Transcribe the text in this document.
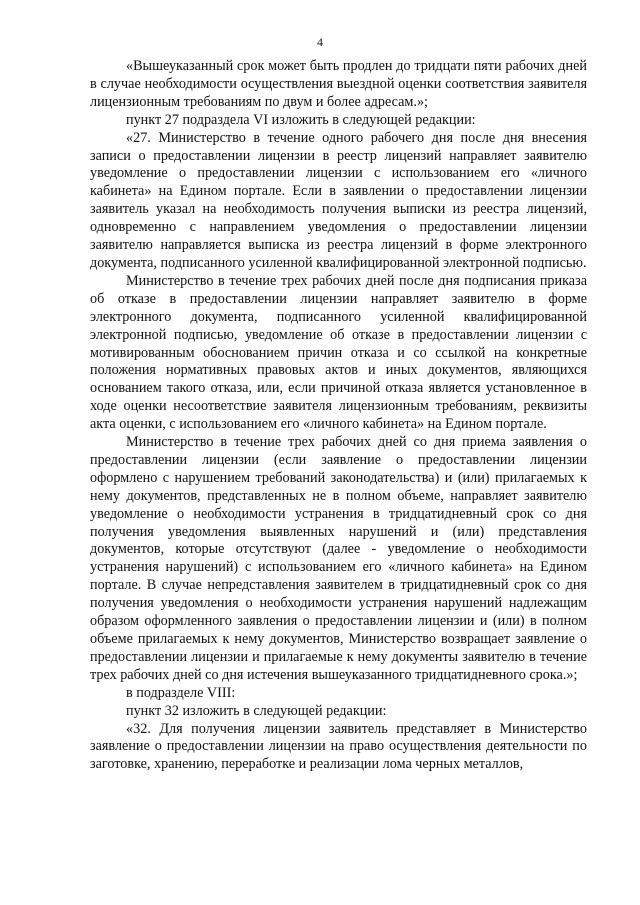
4

«Вышеуказанный срок может быть продлен до тридцати пяти рабочих дней в случае необходимости осуществления выездной оценки соответствия заявителя лицензионным требованиям по двум и более адресам.»;

пункт 27 подраздела VI изложить в следующей редакции:

«27. Министерство в течение одного рабочего дня после дня внесения записи о предоставлении лицензии в реестр лицензий направляет заявителю уведомление о предоставлении лицензии с использованием его «личного кабинета» на Едином портале. Если в заявлении о предоставлении лицензии заявитель указал на необходимость получения выписки из реестра лицензий, одновременно с направлением уведомления о предоставлении лицензии заявителю направляется выписка из реестра лицензий в форме электронного документа, подписанного усиленной квалифицированной электронной подписью.

Министерство в течение трех рабочих дней после дня подписания приказа об отказе в предоставлении лицензии направляет заявителю в форме электронного документа, подписанного усиленной квалифицированной электронной подписью, уведомление об отказе в предоставлении лицензии с мотивированным обоснованием причин отказа и со ссылкой на конкретные положения нормативных правовых актов и иных документов, являющихся основанием такого отказа, или, если причиной отказа является установленное в ходе оценки несоответствие заявителя лицензионным требованиям, реквизиты акта оценки, с использованием его «личного кабинета» на Едином портале.

Министерство в течение трех рабочих дней со дня приема заявления о предоставлении лицензии (если заявление о предоставлении лицензии оформлено с нарушением требований законодательства) и (или) прилагаемых к нему документов, представленных не в полном объеме, направляет заявителю уведомление о необходимости устранения в тридцатидневный срок со дня получения уведомления выявленных нарушений и (или) представления документов, которые отсутствуют (далее - уведомление о необходимости устранения нарушений) с использованием его «личного кабинета» на Едином портале. В случае непредставления заявителем в тридцатидневный срок со дня получения уведомления о необходимости устранения нарушений надлежащим образом оформленного заявления о предоставлении лицензии и (или) в полном объеме прилагаемых к нему документов, Министерство возвращает заявление о предоставлении лицензии и прилагаемые к нему документы заявителю в течение трех рабочих дней со дня истечения вышеуказанного тридцатидневного срока.»;

в подразделе VIII:

пункт 32 изложить в следующей редакции:

«32. Для получения лицензии заявитель представляет в Министерство заявление о предоставлении лицензии на право осуществления деятельности по заготовке, хранению, переработке и реализации лома черных металлов,
